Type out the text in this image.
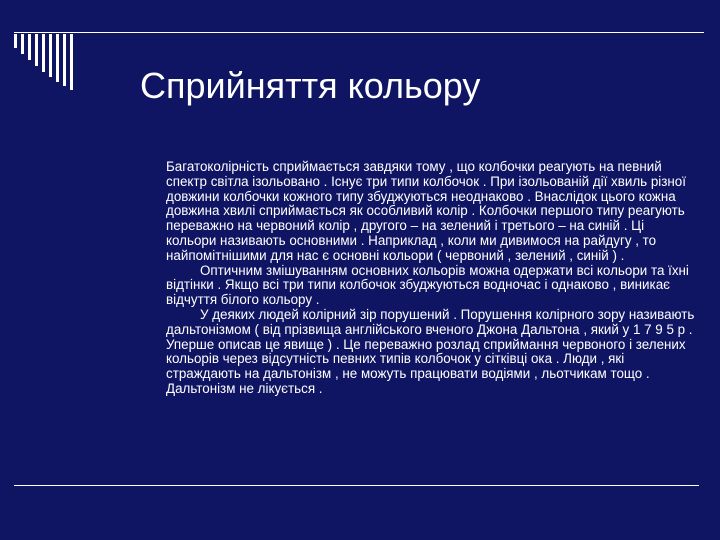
Сприйняття кольору

Багатоколірність сприймається завдяки тому , що колбочки реагують на певний спектр світла ізольовано . Існує три типи колбочок . При ізольованій дії хвиль різної довжини колбочки кожного типу збуджуються неоднаково . Внаслідок цього кожна довжина хвилі сприймається як особливий колір . Колбочки першого типу реагують переважно на червоний колір , другого – на зелений і третього – на синій . Ці кольори називають основними . Наприклад , коли ми дивимося на райдугу , то найпомітнішими для нас є основні кольори ( червоний , зелений , синій ) .

Оптичним змішуванням основних кольорів можна одержати всі кольори та їхні відтінки . Якщо всі три типи колбочок збуджуються водночас і однаково , виникає відчуття білого кольору .

У деяких людей колірний зір порушений . Порушення колірного зору називають дальтонізмом ( від прізвища англійського вченого Джона Дальтона , який у 1 7 9 5 р . Уперше описав це явище ) . Це переважно розлад сприймання червоного і зелених кольорів через відсутність певних типів колбочок у сітківці ока . Люди , які страждають на дальтонізм , не можуть працювати водіями , льотчикам тощо . Дальтонізм не лікується .
